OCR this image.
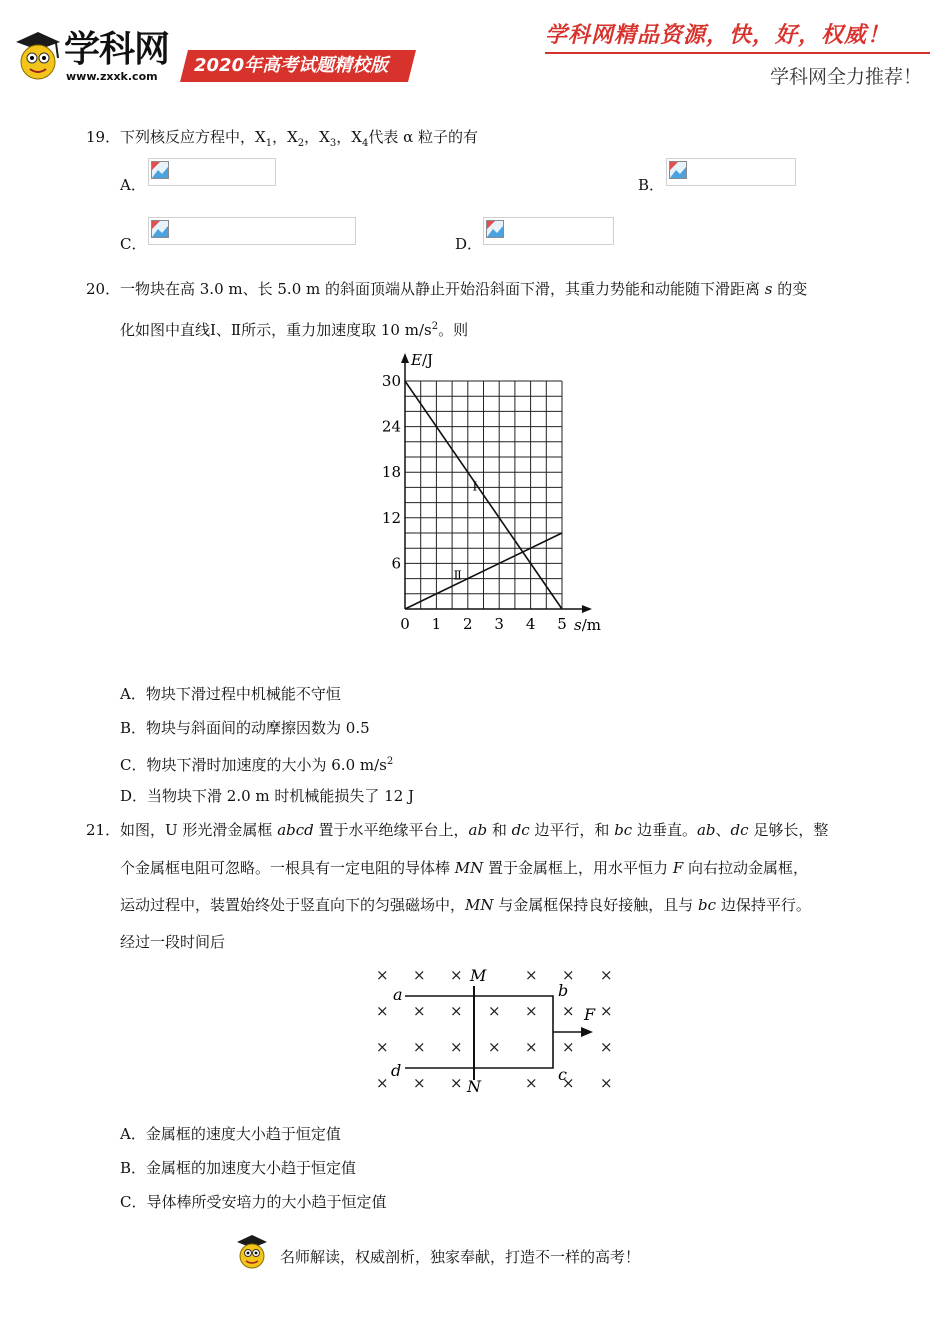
学科网
www.zxxk.com
2020年高考试题精校版
学科网精品资源，快，好，权威！
学科网全力推荐！
19． 下列核反应方程中，$X_1$，$X_2$，$X_3$，$X_4$代表 α 粒子的有
A．	B．
C．	D．
20． 一物块在高 3.0 m、长 5.0 m 的斜面顶端从静止开始沿斜面下滑，其重力势能和动能随下滑距离 s 的变
化如图中直线Ⅰ、Ⅱ所示，重力加速度取 10 $m/s^2$。则
Ⅰ
Ⅱ
0 1 2 3 4 5
6
12
18
24
30
s/m
E/J
A．物块下滑过程中机械能不守恒
B．物块与斜面间的动摩擦因数为 0.5
C．物块下滑时加速度的大小为 6.0 $m/s^2$
D．当物块下滑 2.0 m 时机械能损失了 12 J
21． 如图，U 形光滑金属框 abcd 置于水平绝缘平台上，ab 和 dc 边平行，和 bc 边垂直。ab、dc 足够长，整
个金属框电阻可忽略。一根具有一定电阻的导体棒 MN 置于金属框上，用水平恒力 F 向右拉动金属框，
运动过程中，装置始终处于竖直向下的匀强磁场中，MN 与金属框保持良好接触，且与 bc 边保持平行。
经过一段时间后
× × ×	× × ×
× × × × × × ×
× × × × × × ×
× × ×	× × ×
a	b
c
d
M
N
F
A．金属框的速度大小趋于恒定值
B．金属框的加速度大小趋于恒定值
C．导体棒所受安培力的大小趋于恒定值
名师解读，权威剖析，独家奉献，打造不一样的高考！
